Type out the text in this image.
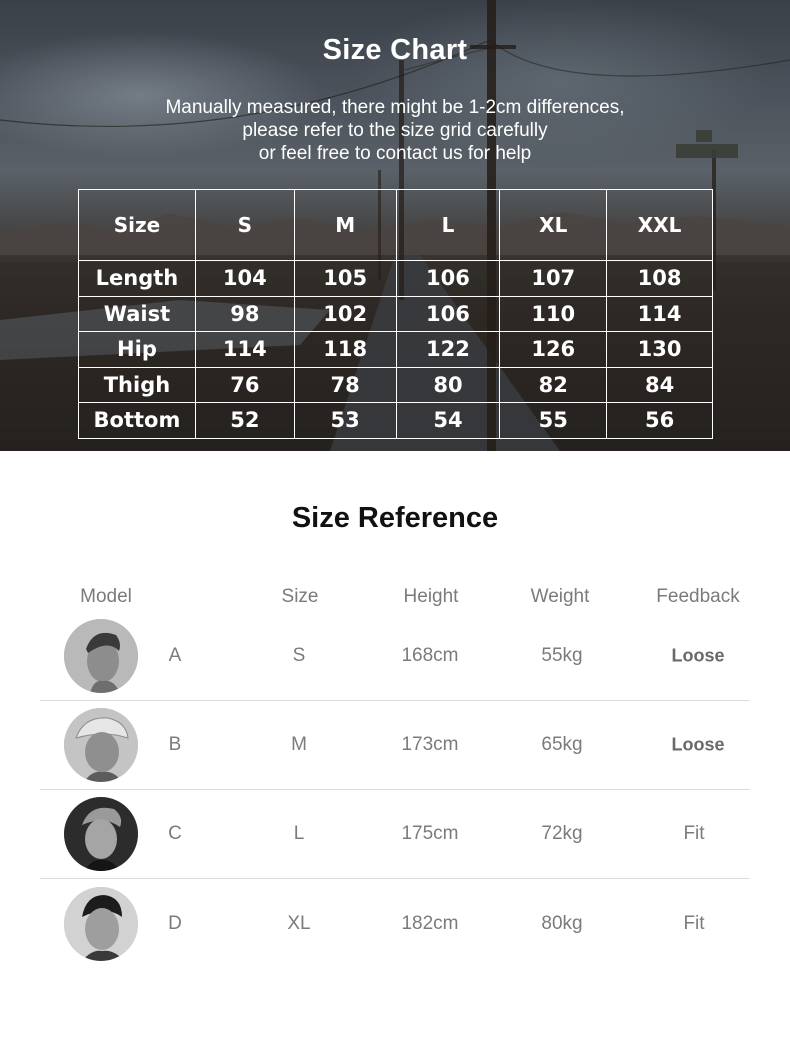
Size Chart
Manually measured, there might be 1-2cm differences,
please refer to the size grid carefully
or feel free to contact us for help
Size	S	M	L	XL	XXL
Length	104	105	106	107	108
Waist	98	102	106	110	114
Hip	114	118	122	126	130
Thigh	76	78	80	82	84
Bottom	52	53	54	55	56
Size Reference
Model	Size	Height	Weight	Feedback
A	S	168cm	55kg	Loose
B	M	173cm	65kg	Loose
C	L	175cm	72kg	Fit
D	XL	182cm	80kg	Fit
